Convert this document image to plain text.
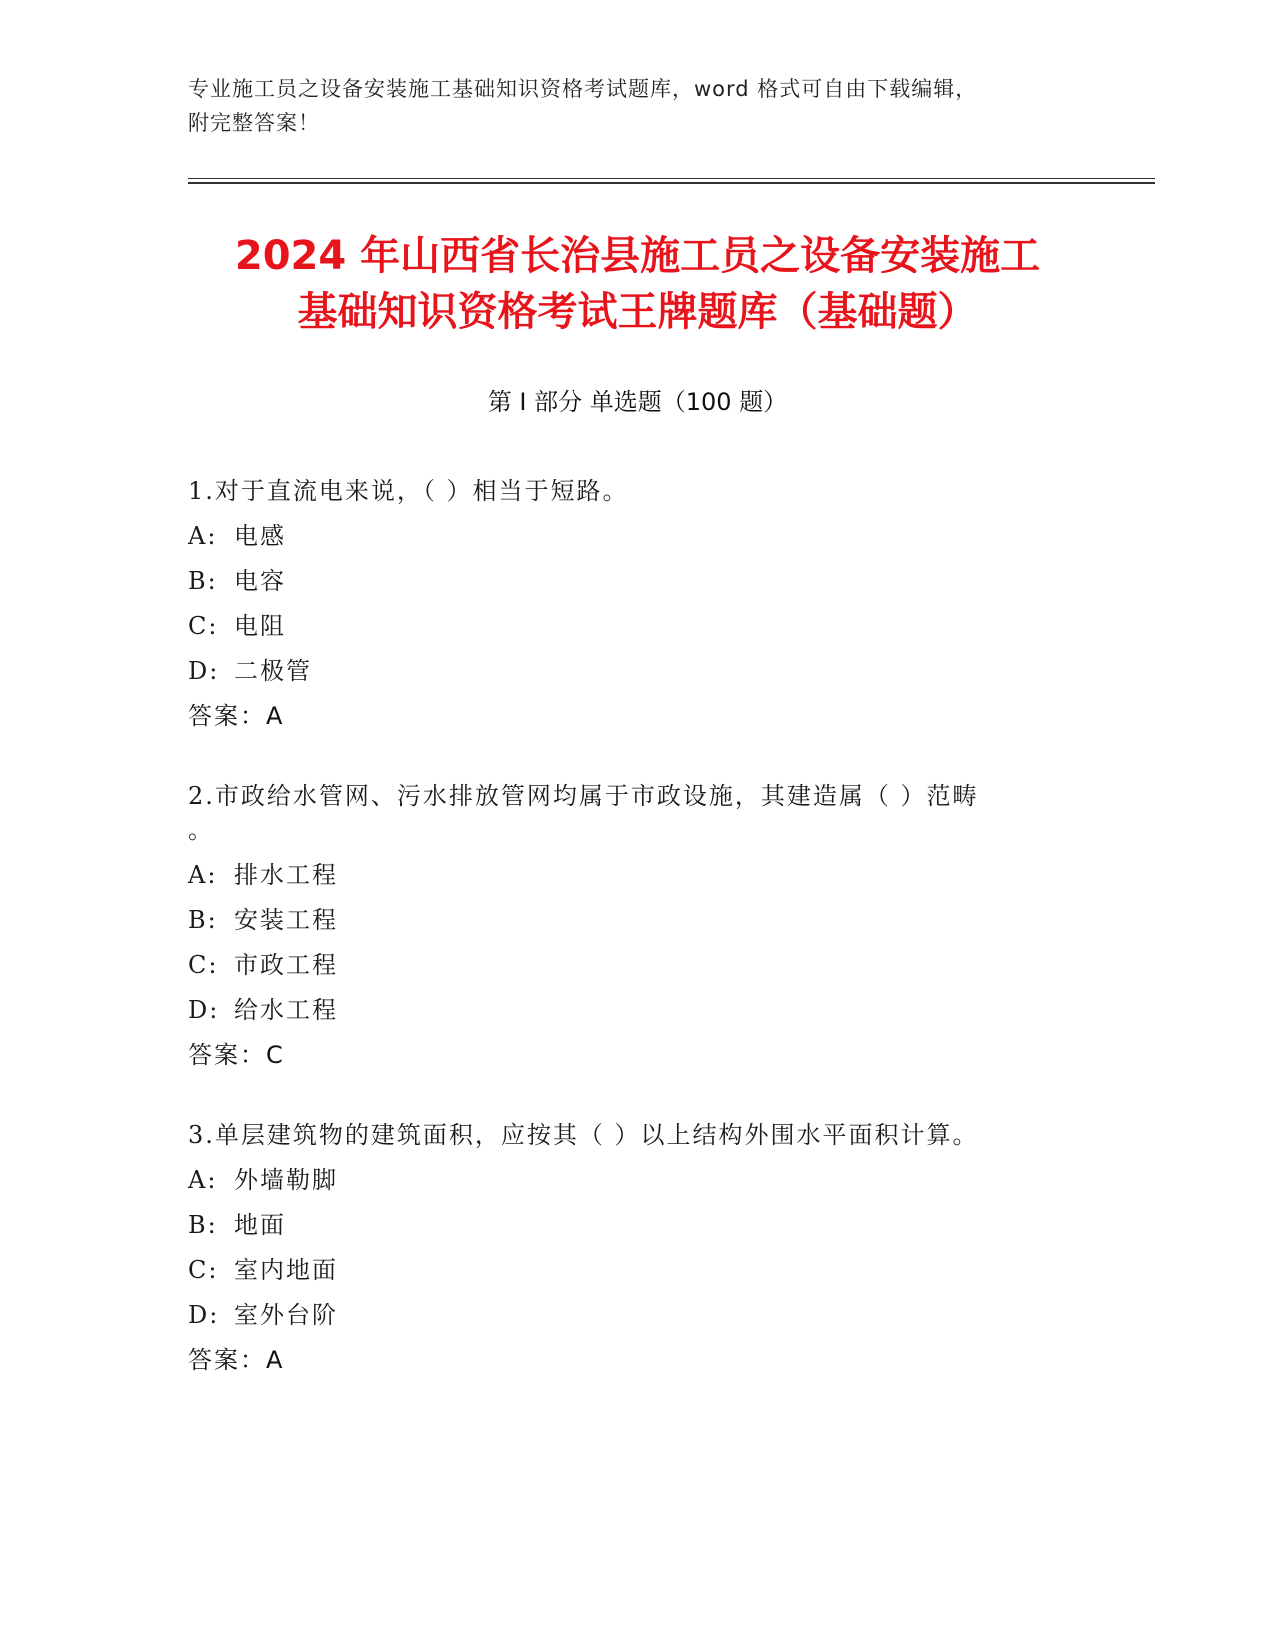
专业施工员之设备安装施工基础知识资格考试题库，word 格式可自由下载编辑，
附完整答案！
2024 年山西省长治县施工员之设备安装施工
基础知识资格考试王牌题库（基础题）
第 I 部分 单选题（100 题）
1.对于直流电来说，（ ）相当于短路。
A: 电感
B: 电容
C: 电阻
D: 二极管
答案：A
2.市政给水管网、污水排放管网均属于市政设施，其建造属（ ）范畴
。
A: 排水工程
B: 安装工程
C: 市政工程
D: 给水工程
答案：C
3.单层建筑物的建筑面积，应按其（ ）以上结构外围水平面积计算。
A: 外墙勒脚
B: 地面
C: 室内地面
D: 室外台阶
答案：A
